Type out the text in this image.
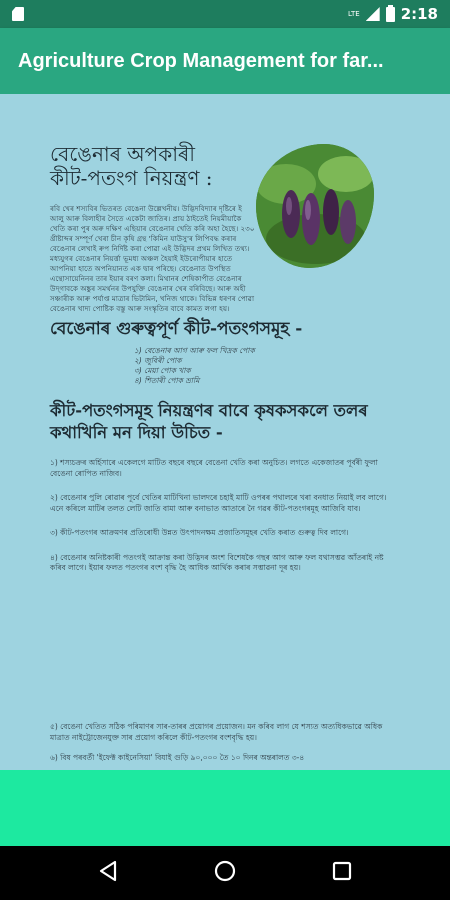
LTE	2:18
Agriculture Crop Management for far...
বেঙেনাৰ অপকাৰী কীট-পতংগ নিয়ন্ত্ৰণ :

ৰবি খেৰ শস্যবিৰ ভিতৰত বেঙেনা উল্লেখনীয়। উদ্ভিদবিদ্যাৰ দৃষ্টিৰে ই আলু আৰু বিলাহীৰ সৈতে একেটা জাতিৰ। প্ৰায় ঠাইতেই নিয়মীয়াকৈ খেতি কৰা পুৰ অৰু দক্ষিণ এছিয়াৰ বেঙেনাৰ খেতি কৰি অহা হৈছে। ২৩০ খ্ৰীষ্টাব্দৰ সম্পূৰ্ণ খেৰা চীন কৃষি গ্ৰন্থ 'কিমিন যাউসু'ৰ লিপিবদ্ধ কৰাৰ বেঙেনাৰ লেখাই ৰুপ নিৰ্দিষ্ট কৰা পোৱা এই উদ্ভিদৰ প্ৰথম লিখিত তথ্য। মধ্যযুগৰ বেঙেনাৰ নিয়ৰ্ত্তা ভূমধ্য অঞ্চল হৈয়াই ইউৰোপীয়াৰ হাতে আপনিয়া হাতে অপনিয়ানত এক দ্বাৰ পৰিছে। বেঙেনাত উপস্থিত এন্থোসায়েনিনৰ তাৰ ইয়াৰ বৰণ কলা। মিথানৰ শেষিকাপীত বেঙেনাৰ উদ্‌গাবকে অঙ্কুৰ সমৰ্থনৰ উপযুক্তি বেঙেনাৰ খেৰ বৰিবিছে। আৰু অহী সঞ্চাৰীক আৰু পৰ্যাপ্ত মাত্ৰাৰ ভিটামিন, খনিজ থাকে। বিভিন্ন ধৰণৰ পোৱা বেঙেনাৰ খাদ্য পোষ্টিক বস্তু আৰু সংস্কৃতিৰ বাবে কামত লগা হয়।

বেঙেনাৰ গুৰুত্বপূৰ্ণ কীট-পতংগসমূহ -
১) বেঙেনাৰ আগ আৰু ফল খিদ্ৰক পোক
২) জুবিৰী পোক
৩) মেয়া পোক খাক
৪) শিতাৰী পোক ভ্ৰামি
কীট-পতংগসমূহ নিয়ন্ত্ৰণৰ বাবে কৃষকসকলে তলৰ কথাখিনি মন দিয়া উচিত -

১) শস্যচক্ৰৰ অৰ্হিসাৰে একেলগে মাটিত বছৰে বছৰে বেঙেনা খেতি কৰা অনুচিত। লগতে একেজাতৰ পূৰ্বৰী ফুলা বেঙেনা ৰোপিত নাজিব।

২) বেঙেনাৰ পুলি ৰোৱাৰ পূৰ্বে খেতিৰ মাটিখিনা ভালদৰে চহাই মাটি ওপৰৰ পথালৰে খৰা বনধাত নিয়াই লব লাগে। এনে কৰিলে মাটিৰ তলত লেটি জাতি বামা আৰু বনাভাত আতাৰে নৈ গৱৰ কীট-পতংগৰমূহ আজিবি যাব।

৩) কীট-পতংগৰ আক্ৰমণৰ প্ৰতিৰোধী উন্নত উৎপাদনক্ষম প্ৰজাতিসমূহৰ খেতি কৰাত গুৰুত্ব দিব লাগে।

৪) বেঙেনাৰ অনিষ্টকাৰী পতংগই আক্ৰান্ত কৰা উদ্ভিদৰ অংশ বিশেষকৈ গছৰ আগ আৰু ফল যথাসম্ভৱ আঁতৰাই নষ্ট কৰিব লাগে। ইয়াৰ ফলত পতংগৰ বংশ বৃদ্ধি হৈ আধিক আৰ্থিক কৰাৰ সম্ভাৱনা দূৰ হয়।

৫) বেঙেনা খেতিত সঠিক পৰিমাণৰ সাৰ-তাৰৰ প্ৰয়োগৰ প্ৰয়োজন। মন কৰিব লাগ যে শস্যত অত্যধিকভাৱে অধিক মাত্ৰাত নাইট্ৰোজেনযুক্ত সাৰ প্ৰয়োগ কৰিলে কীট-পতংগৰ বংশবৃদ্ধি হয়।

৬) বিষ পৰবৰ্তী 'ইফেক্ট কাইনেসিয়া' বিযাই গুড়ি ৯০,০০০ তৈ ১০ দিনৰ অন্তৰালত ৩-৪
